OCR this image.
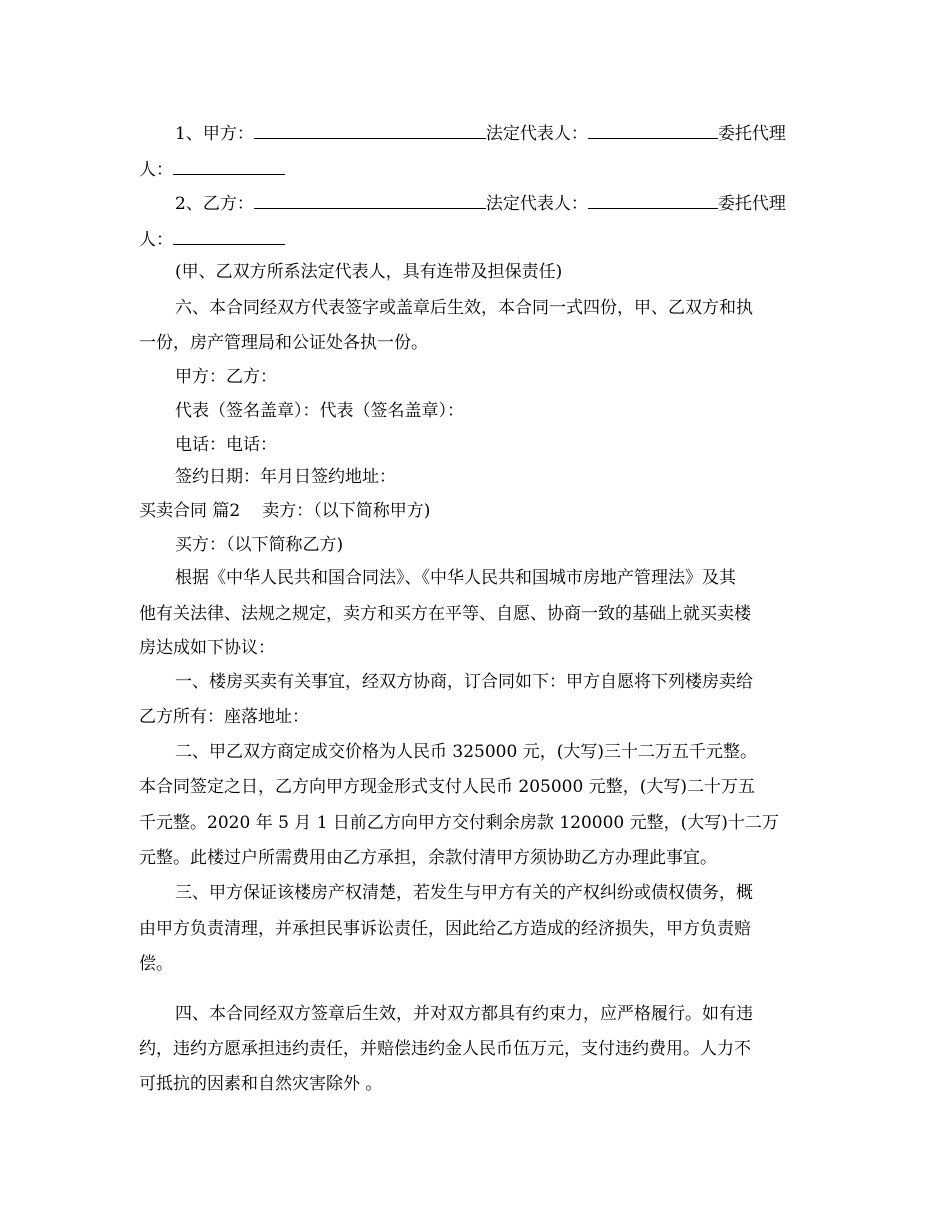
1、甲方：	法定代表人：	委托代理
人：
2、乙方：	法定代表人：	委托代理
人：
(甲、乙双方所系法定代表人，具有连带及担保责任)
六、本合同经双方代表签字或盖章后生效，本合同一式四份，甲、乙双方和执
一份，房产管理局和公证处各执一份。
甲方：乙方：
代表（签名盖章）：代表（签名盖章）：
电话：电话：
签约日期：年月日签约地址：
买卖合同 篇2 卖方：（以下简称甲方)
买方：（以下简称乙方)
根据《中华人民共和国合同法》、《中华人民共和国城市房地产管理法》及其
他有关法律、法规之规定，卖方和买方在平等、自愿、协商一致的基础上就买卖楼
房达成如下协议：
一、楼房买卖有关事宜，经双方协商，订合同如下：甲方自愿将下列楼房卖给
乙方所有：座落地址：
二、甲乙双方商定成交价格为人民币 325000 元，(大写)三十二万五千元整。
本合同签定之日，乙方向甲方现金形式支付人民币 205000 元整，(大写)二十万五
千元整。2020 年 5 月 1 日前乙方向甲方交付剩余房款 120000 元整，(大写)十二万
元整。此楼过户所需费用由乙方承担，余款付清甲方须协助乙方办理此事宜。
三、甲方保证该楼房产权清楚，若发生与甲方有关的产权纠纷或债权债务，概
由甲方负责清理，并承担民事诉讼责任，因此给乙方造成的经济损失，甲方负责赔
偿。
四、本合同经双方签章后生效，并对双方都具有约束力，应严格履行。如有违
约，违约方愿承担违约责任，并赔偿违约金人民币伍万元，支付违约费用。人力不
可抵抗的因素和自然灾害除外 。
